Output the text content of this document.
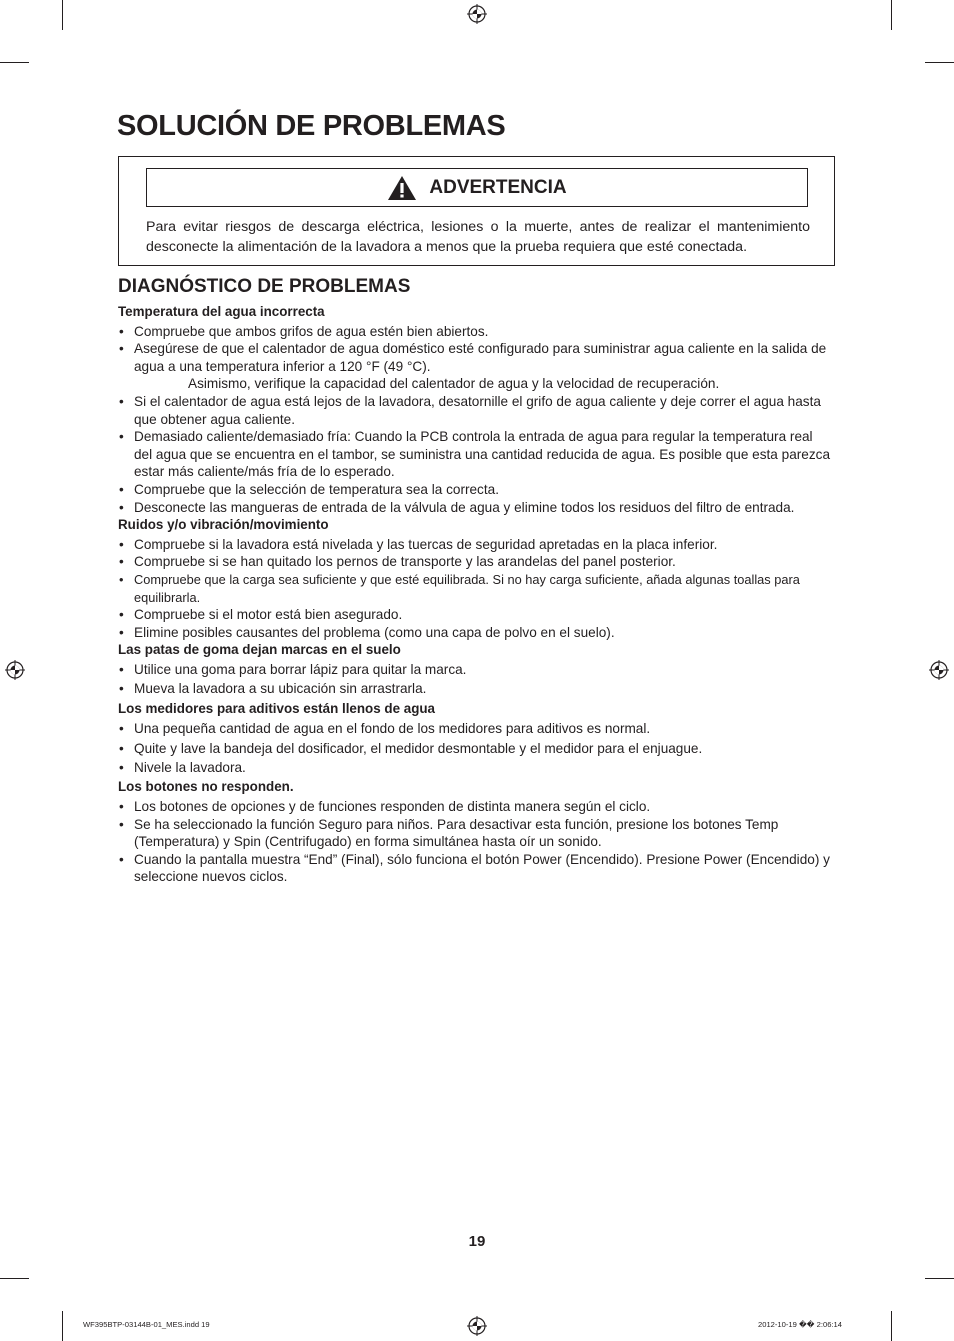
SOLUCIÓN DE PROBLEMAS
ADVERTENCIA

Para evitar riesgos de descarga eléctrica, lesiones o la muerte, antes de realizar el mantenimiento desconecte la alimentación de la lavadora a menos que la prueba requiera que esté conectada.

DIAGNÓSTICO DE PROBLEMAS

Temperatura del agua incorrecta

• Compruebe que ambos grifos de agua estén bien abiertos.
• Asegúrese de que el calentador de agua doméstico esté configurado para suministrar agua caliente en la salida de agua a una temperatura inferior a 120 °F (49 °C).
Asimismo, verifique la capacidad del calentador de agua y la velocidad de recuperación.
• Si el calentador de agua está lejos de la lavadora, desatornille el grifo de agua caliente y deje correr el agua hasta que obtener agua caliente.
• Demasiado caliente/demasiado fría: Cuando la PCB controla la entrada de agua para regular la temperatura real del agua que se encuentra en el tambor, se suministra una cantidad reducida de agua. Es posible que esta parezca estar más caliente/más fría de lo esperado.
• Compruebe que la selección de temperatura sea la correcta.
• Desconecte las mangueras de entrada de la válvula de agua y elimine todos los residuos del filtro de entrada.

Ruidos y/o vibración/movimiento

• Compruebe si la lavadora está nivelada y las tuercas de seguridad apretadas en la placa inferior.
• Compruebe si se han quitado los pernos de transporte y las arandelas del panel posterior.
• Compruebe que la carga sea suficiente y que esté equilibrada. Si no hay carga suficiente, añada algunas toallas para equilibrarla.
• Compruebe si el motor está bien asegurado.
• Elimine posibles causantes del problema (como una capa de polvo en el suelo).

Las patas de goma dejan marcas en el suelo

• Utilice una goma para borrar lápiz para quitar la marca.
• Mueva la lavadora a su ubicación sin arrastrarla.

Los medidores para aditivos están llenos de agua

• Una pequeña cantidad de agua en el fondo de los medidores para aditivos es normal.
• Quite y lave la bandeja del dosificador, el medidor desmontable y el medidor para el enjuague.
• Nivele la lavadora.

Los botones no responden.

• Los botones de opciones y de funciones responden de distinta manera según el ciclo.
• Se ha seleccionado la función Seguro para niños. Para desactivar esta función, presione los botones Temp (Temperatura) y Spin (Centrifugado) en forma simultánea hasta oír un sonido.
• Cuando la pantalla muestra “End” (Final), sólo funciona el botón Power (Encendido). Presione Power (Encendido) y seleccione nuevos ciclos.

19

WF395BTP-03144B-01_MES.indd 19	2012-10-19 �� 2:06:14
